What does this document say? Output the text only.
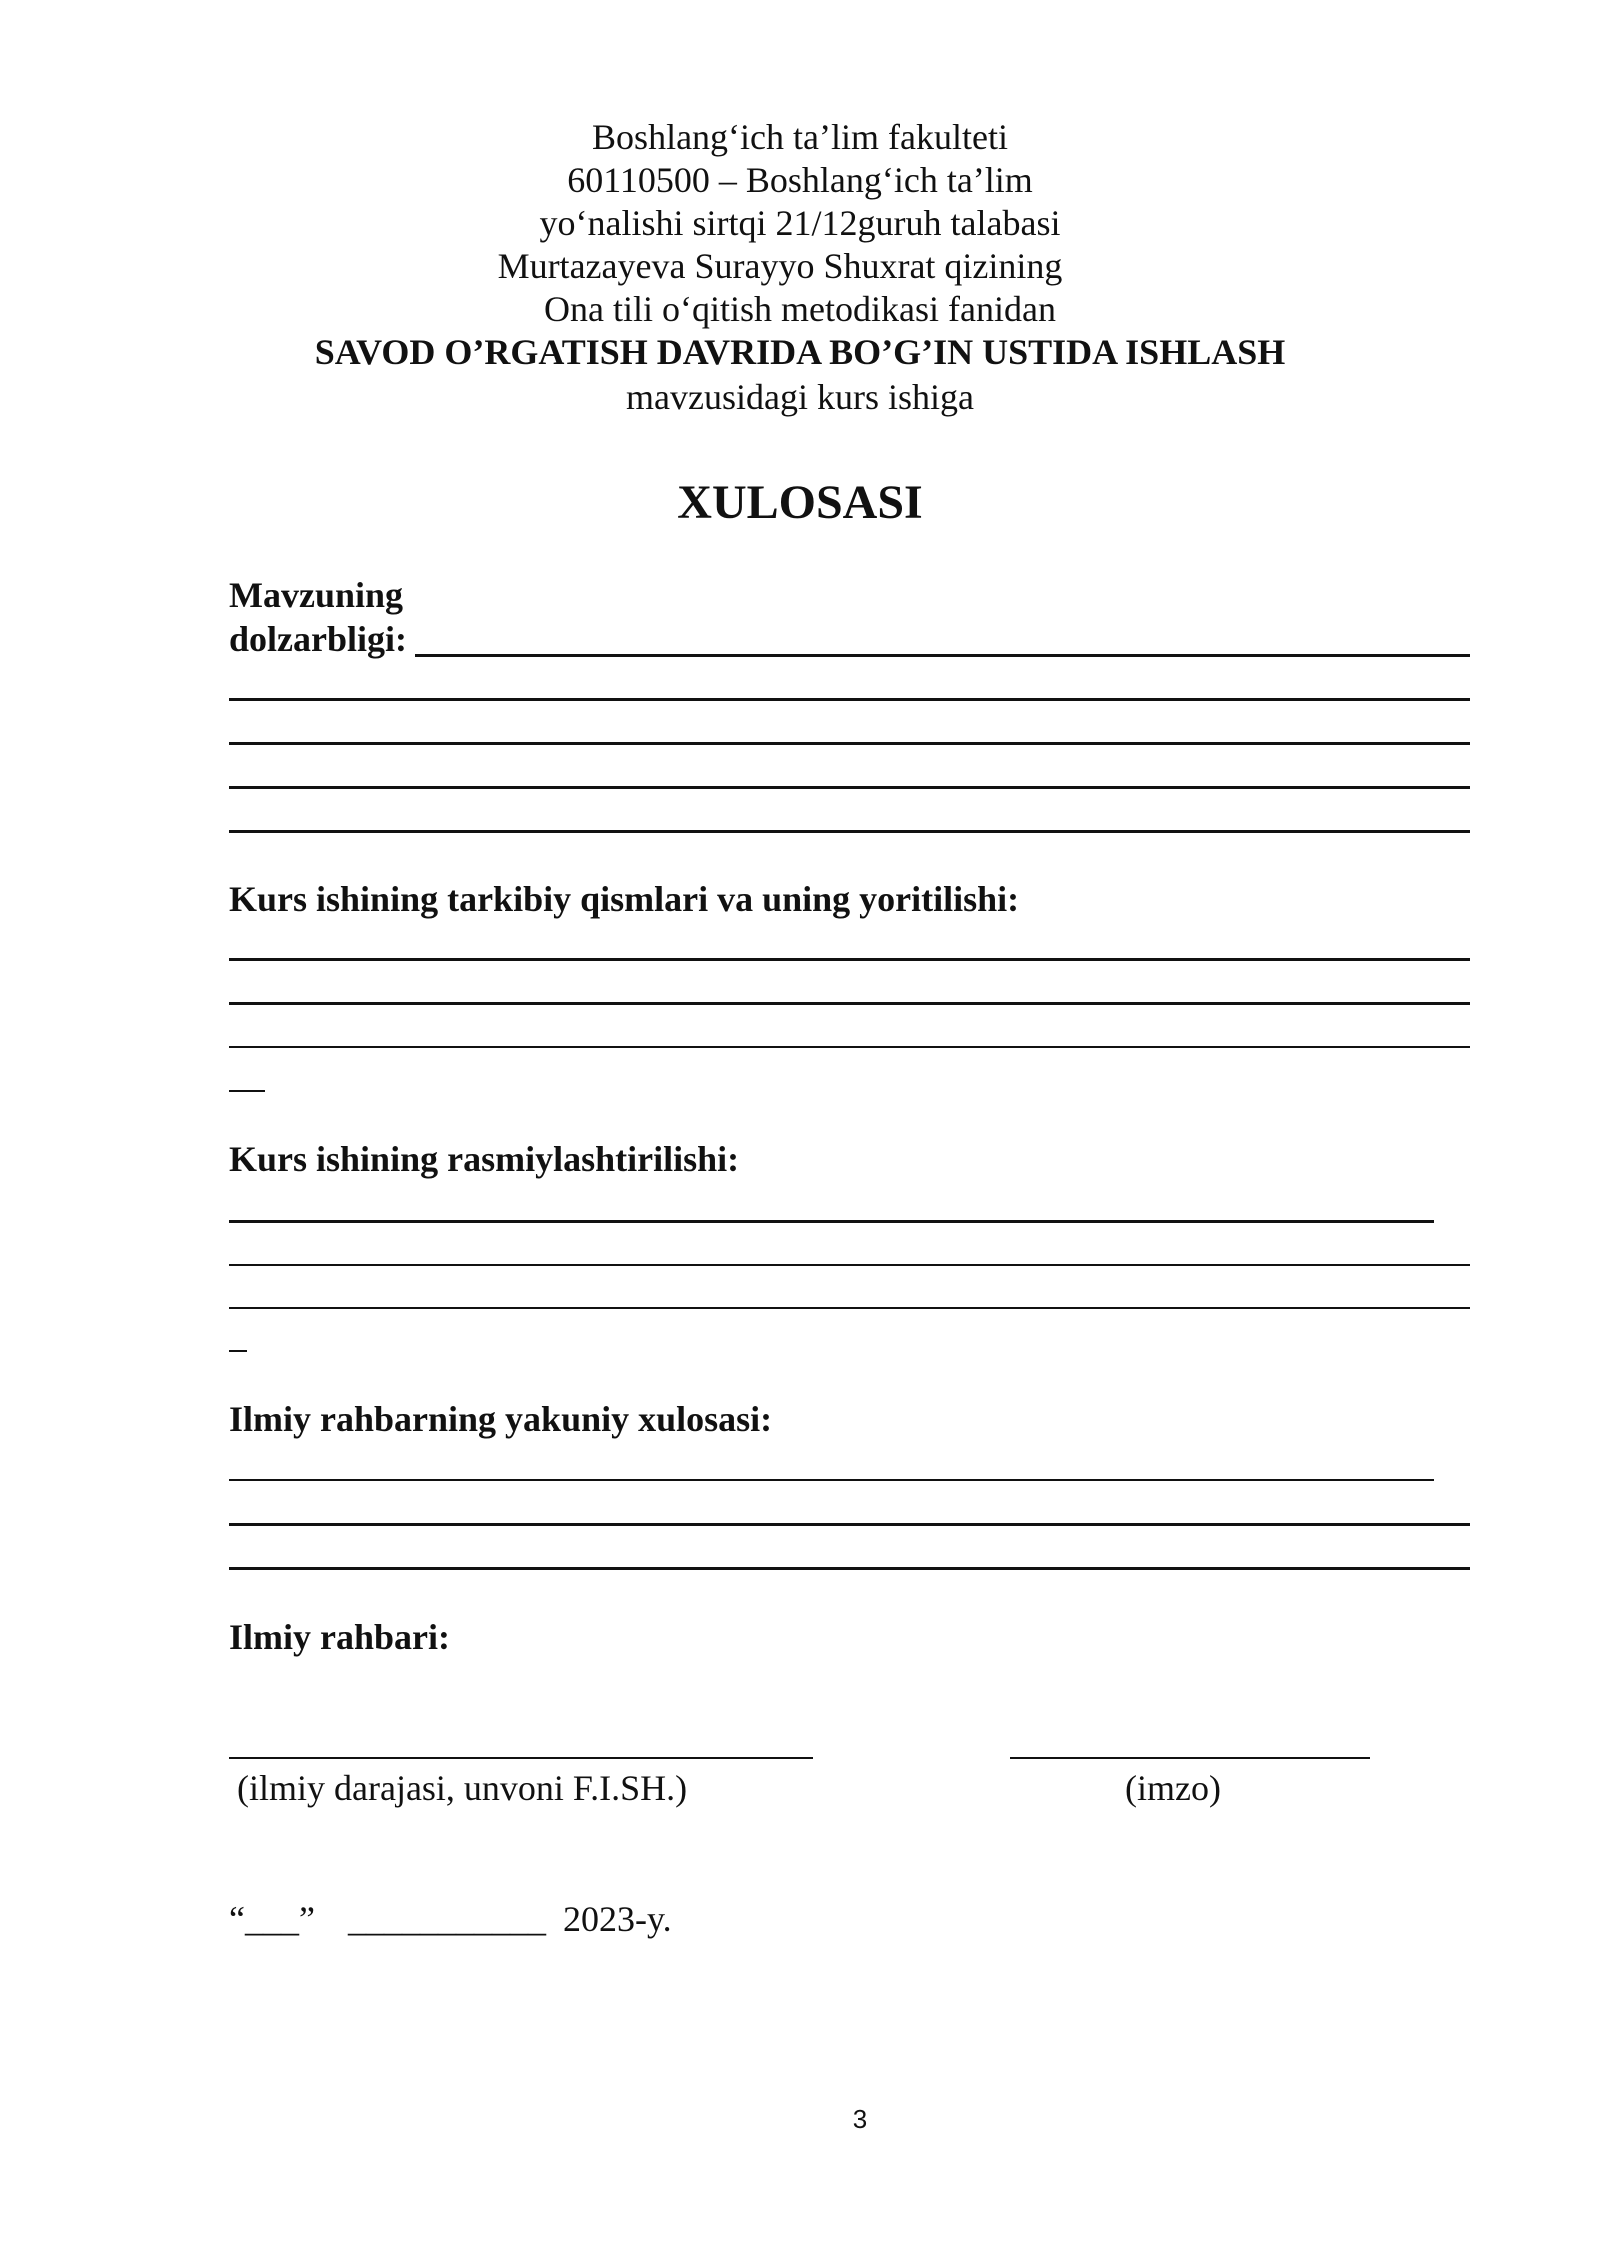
Boshlang‘ich ta’lim fakulteti
60110500 – Boshlang‘ich ta’lim
yo‘nalishi sirtqi 21/12guruh talabasi
Murtazayeva Surayyo Shuxrat qizining
Ona tili o‘qitish metodikasi fanidan
SAVOD O’RGATISH DAVRIDA BO’G’IN USTIDA ISHLASH
mavzusidagi kurs ishiga
XULOSASI
Mavzuning
dolzarbligi:
Kurs ishining tarkibiy qismlari va uning yoritilishi:
Kurs ishining rasmiylashtirilishi:
Ilmiy rahbarning yakuniy xulosasi:
Ilmiy rahbari:
(ilmiy darajasi, unvoni F.I.SH.)	(imzo)
“___” ___________ 2023-y.
3
